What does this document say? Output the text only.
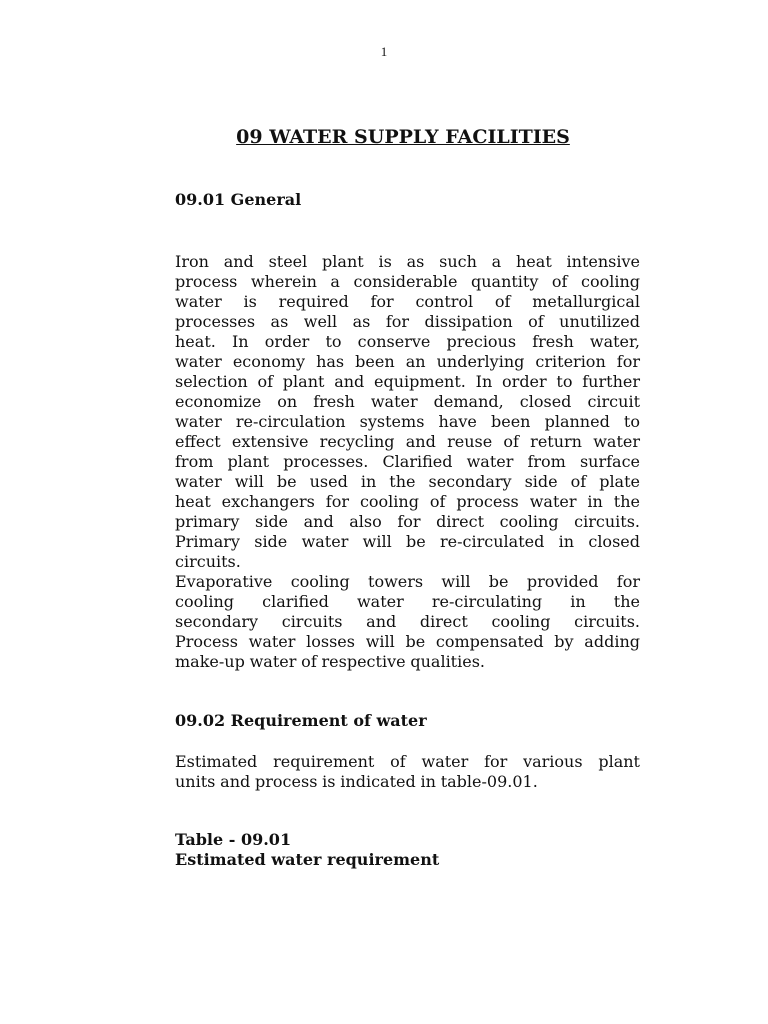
1
09 WATER SUPPLY FACILITIES
09.01 General
Iron and steel plant is as such a heat intensive
process wherein a considerable quantity of cooling
water is required for control of metallurgical
processes as well as for dissipation of unutilized
heat. In order to conserve precious fresh water,
water economy has been an underlying criterion for
selection of plant and equipment. In order to further
economize on fresh water demand, closed circuit
water re-circulation systems have been planned to
effect extensive recycling and reuse of return water
from plant processes. Clarified water from surface
water will be used in the secondary side of plate
heat exchangers for cooling of process water in the
primary side and also for direct cooling circuits.
Primary side water will be re-circulated in closed
circuits.
Evaporative cooling towers will be provided for
cooling clarified water re-circulating in the
secondary circuits and direct cooling circuits.
Process water losses will be compensated by adding
make-up water of respective qualities.
09.02 Requirement of water
Estimated requirement of water for various plant
units and process is indicated in table-09.01.
Table - 09.01
Estimated water requirement
